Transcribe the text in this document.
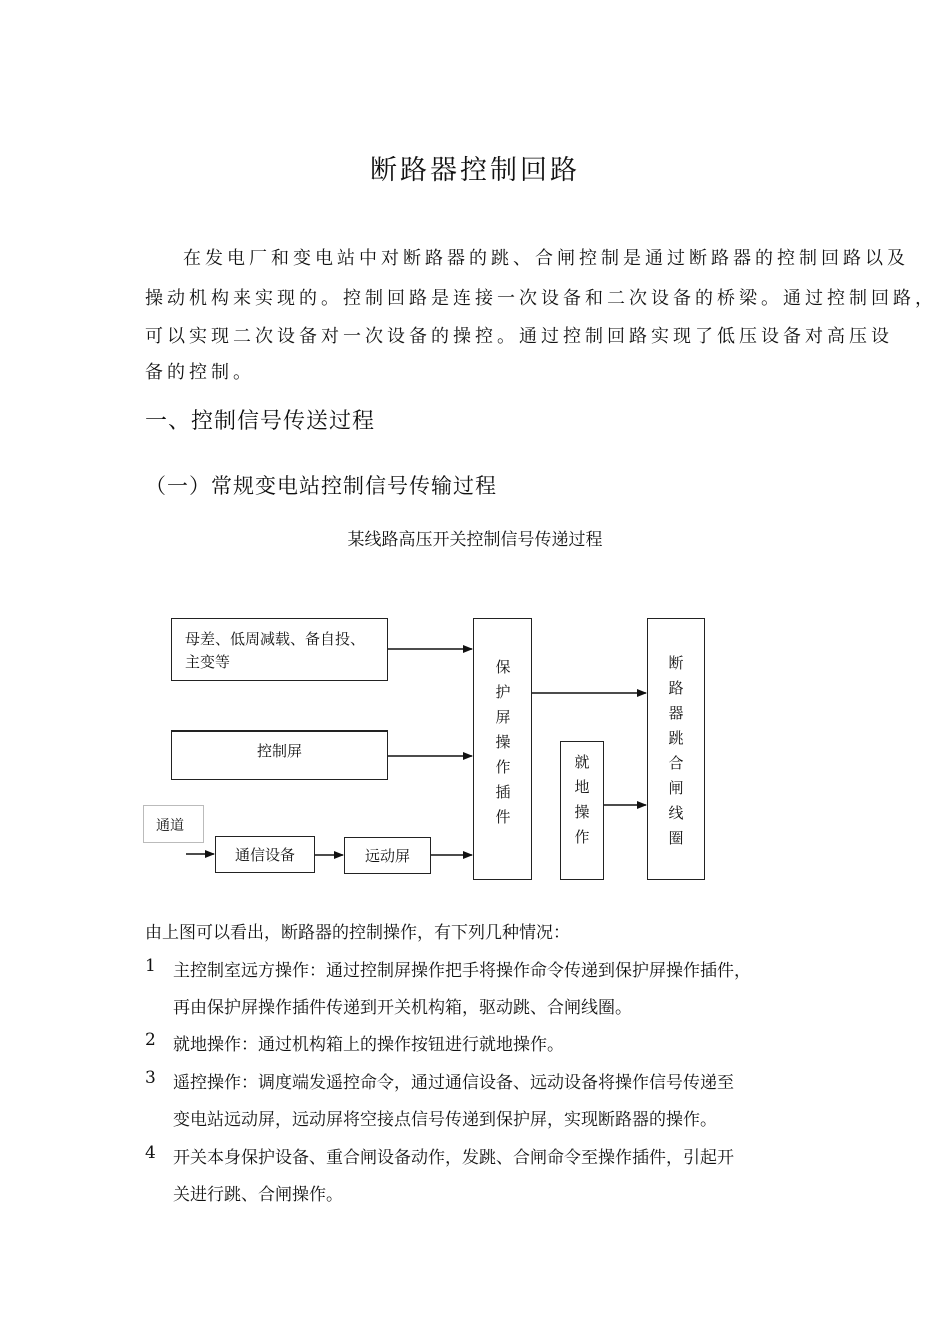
断路器控制回路
在发电厂和变电站中对断路器的跳、合闸控制是通过断路器的控制回路以及
操动机构来实现的。控制回路是连接一次设备和二次设备的桥梁。通过控制回路，
可以实现二次设备对一次设备的操控。通过控制回路实现了低压设备对高压设
备的控制。
一、控制信号传送过程
（一）常规变电站控制信号传输过程
某线路高压开关控制信号传递过程
母差、低周减载、备自投、
主变等
控制屏
通道
通信设备	远动屏
保护屏操作插件
就地操作
断路器跳合闸线圈
由上图可以看出，断路器的控制操作，有下列几种情况：
1 主控制室远方操作：通过控制屏操作把手将操作命令传递到保护屏操作插件，
再由保护屏操作插件传递到开关机构箱，驱动跳、合闸线圈。
2 就地操作：通过机构箱上的操作按钮进行就地操作。
3 遥控操作：调度端发遥控命令，通过通信设备、远动设备将操作信号传递至
变电站远动屏，远动屏将空接点信号传递到保护屏，实现断路器的操作。
4 开关本身保护设备、重合闸设备动作，发跳、合闸命令至操作插件，引起开
关进行跳、合闸操作。
